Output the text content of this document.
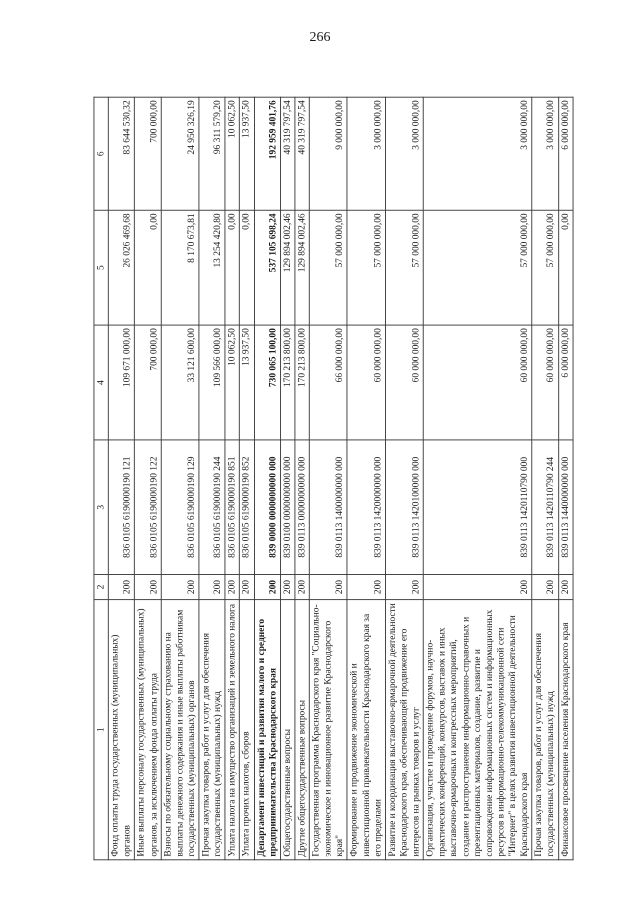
266
1	2	3	4	5	6
Фонд оплаты труда государственных (муниципальных) органов	200	836 0105 6190000190 121	109 671 000,00	26 026 469,68	83 644 530,32
Иные выплаты персоналу государственных (муниципальных) органов, за исключением фонда оплаты труда	200	836 0105 6190000190 122	700 000,00	0,00	700 000,00
Взносы по обязательному социальному страхованию на выплаты денежного содержания и иные выплаты работникам государственных (муниципальных) органов	200	836 0105 6190000190 129	33 121 600,00	8 170 673,81	24 950 326,19
Прочая закупка товаров, работ и услуг для обеспечения государственных (муниципальных) нужд	200	836 0105 6190000190 244	109 566 000,00	13 254 420,80	96 311 579,20
Уплата налога на имущество организаций и земельного налога	200	836 0105 6190000190 851	10 062,50	0,00	10 062,50
Уплата прочих налогов, сборов	200	836 0105 6190000190 852	13 937,50	0,00	13 937,50
Департамент инвестиций и развития малого и среднего предпринимательства Краснодарского края	200	839 0000 0000000000 000	730 065 100,00	537 105 698,24	192 959 401,76
Общегосударственные вопросы	200	839 0100 0000000000 000	170 213 800,00	129 894 002,46	40 319 797,54
Другие общегосударственные вопросы	200	839 0113 0000000000 000	170 213 800,00	129 894 002,46	40 319 797,54
Государственная программа Краснодарского края "Социально-экономическое и инновационное развитие Краснодарского края"	200	839 0113 1400000000 000	66 000 000,00	57 000 000,00	9 000 000,00
Формирование и продвижение экономической и инвестиционной привлекательности Краснодарского края за его пределами	200	839 0113 1420000000 000	60 000 000,00	57 000 000,00	3 000 000,00
Развитие и координация выставочно-ярмарочной деятельности Краснодарского края, обеспечивающей продвижение его интересов на рынках товаров и услуг	200	839 0113 1420100000 000	60 000 000,00	57 000 000,00	3 000 000,00
Организация, участие и проведение форумов, научно-практических конференций, конкурсов, выставок и иных выставочно-ярмарочных и конгрессных мероприятий, создание и распространение информационно-справочных и презентационных материалов, создание, развитие и сопровождение информационных систем и информационных ресурсов в информационно-телекоммуникационной сети "Интернет" в целях развития инвестиционной деятельности Краснодарского края	200	839 0113 1420110790 000	60 000 000,00	57 000 000,00	3 000 000,00
Прочая закупка товаров, работ и услуг для обеспечения государственных (муниципальных) нужд	200	839 0113 1420110790 244	60 000 000,00	57 000 000,00	3 000 000,00
Финансовое просвещение населения Краснодарского края	200	839 0113 1440000000 000	6 000 000,00	0,00	6 000 000,00
